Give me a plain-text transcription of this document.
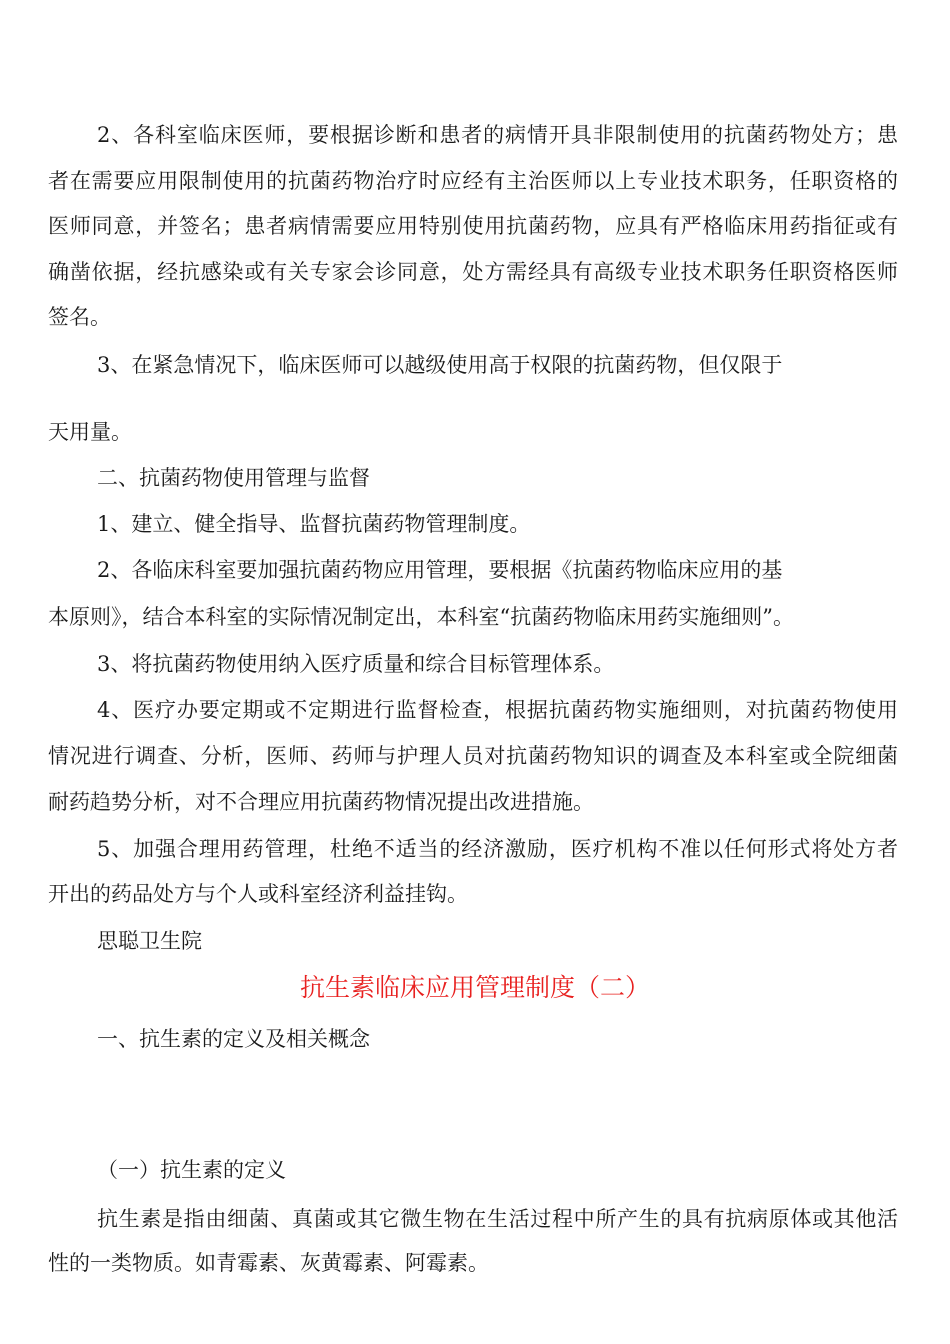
2、各科室临床医师，要根据诊断和患者的病情开具非限制使用的抗菌药物处方；患

者在需要应用限制使用的抗菌药物治疗时应经有主治医师以上专业技术职务，任职资格的

医师同意，并签名；患者病情需要应用特别使用抗菌药物，应具有严格临床用药指征或有

确凿依据，经抗感染或有关专家会诊同意，处方需经具有高级专业技术职务任职资格医师

签名。

3、在紧急情况下，临床医师可以越级使用高于权限的抗菌药物，但仅限于

天用量。

二、抗菌药物使用管理与监督

1、建立、健全指导、监督抗菌药物管理制度。

2、各临床科室要加强抗菌药物应用管理，要根据《抗菌药物临床应用的基

本原则》，结合本科室的实际情况制定出，本科室“抗菌药物临床用药实施细则”。

3、将抗菌药物使用纳入医疗质量和综合目标管理体系。

4、医疗办要定期或不定期进行监督检查，根据抗菌药物实施细则，对抗菌药物使用

情况进行调查、分析，医师、药师与护理人员对抗菌药物知识的调查及本科室或全院细菌

耐药趋势分析，对不合理应用抗菌药物情况提出改进措施。

5、加强合理用药管理，杜绝不适当的经济激励，医疗机构不准以任何形式将处方者

开出的药品处方与个人或科室经济利益挂钩。

思聪卫生院

抗生素临床应用管理制度（二）

一、抗生素的定义及相关概念

（一）抗生素的定义

抗生素是指由细菌、真菌或其它微生物在生活过程中所产生的具有抗病原体或其他活

性的一类物质。如青霉素、灰黄霉素、阿霉素。
